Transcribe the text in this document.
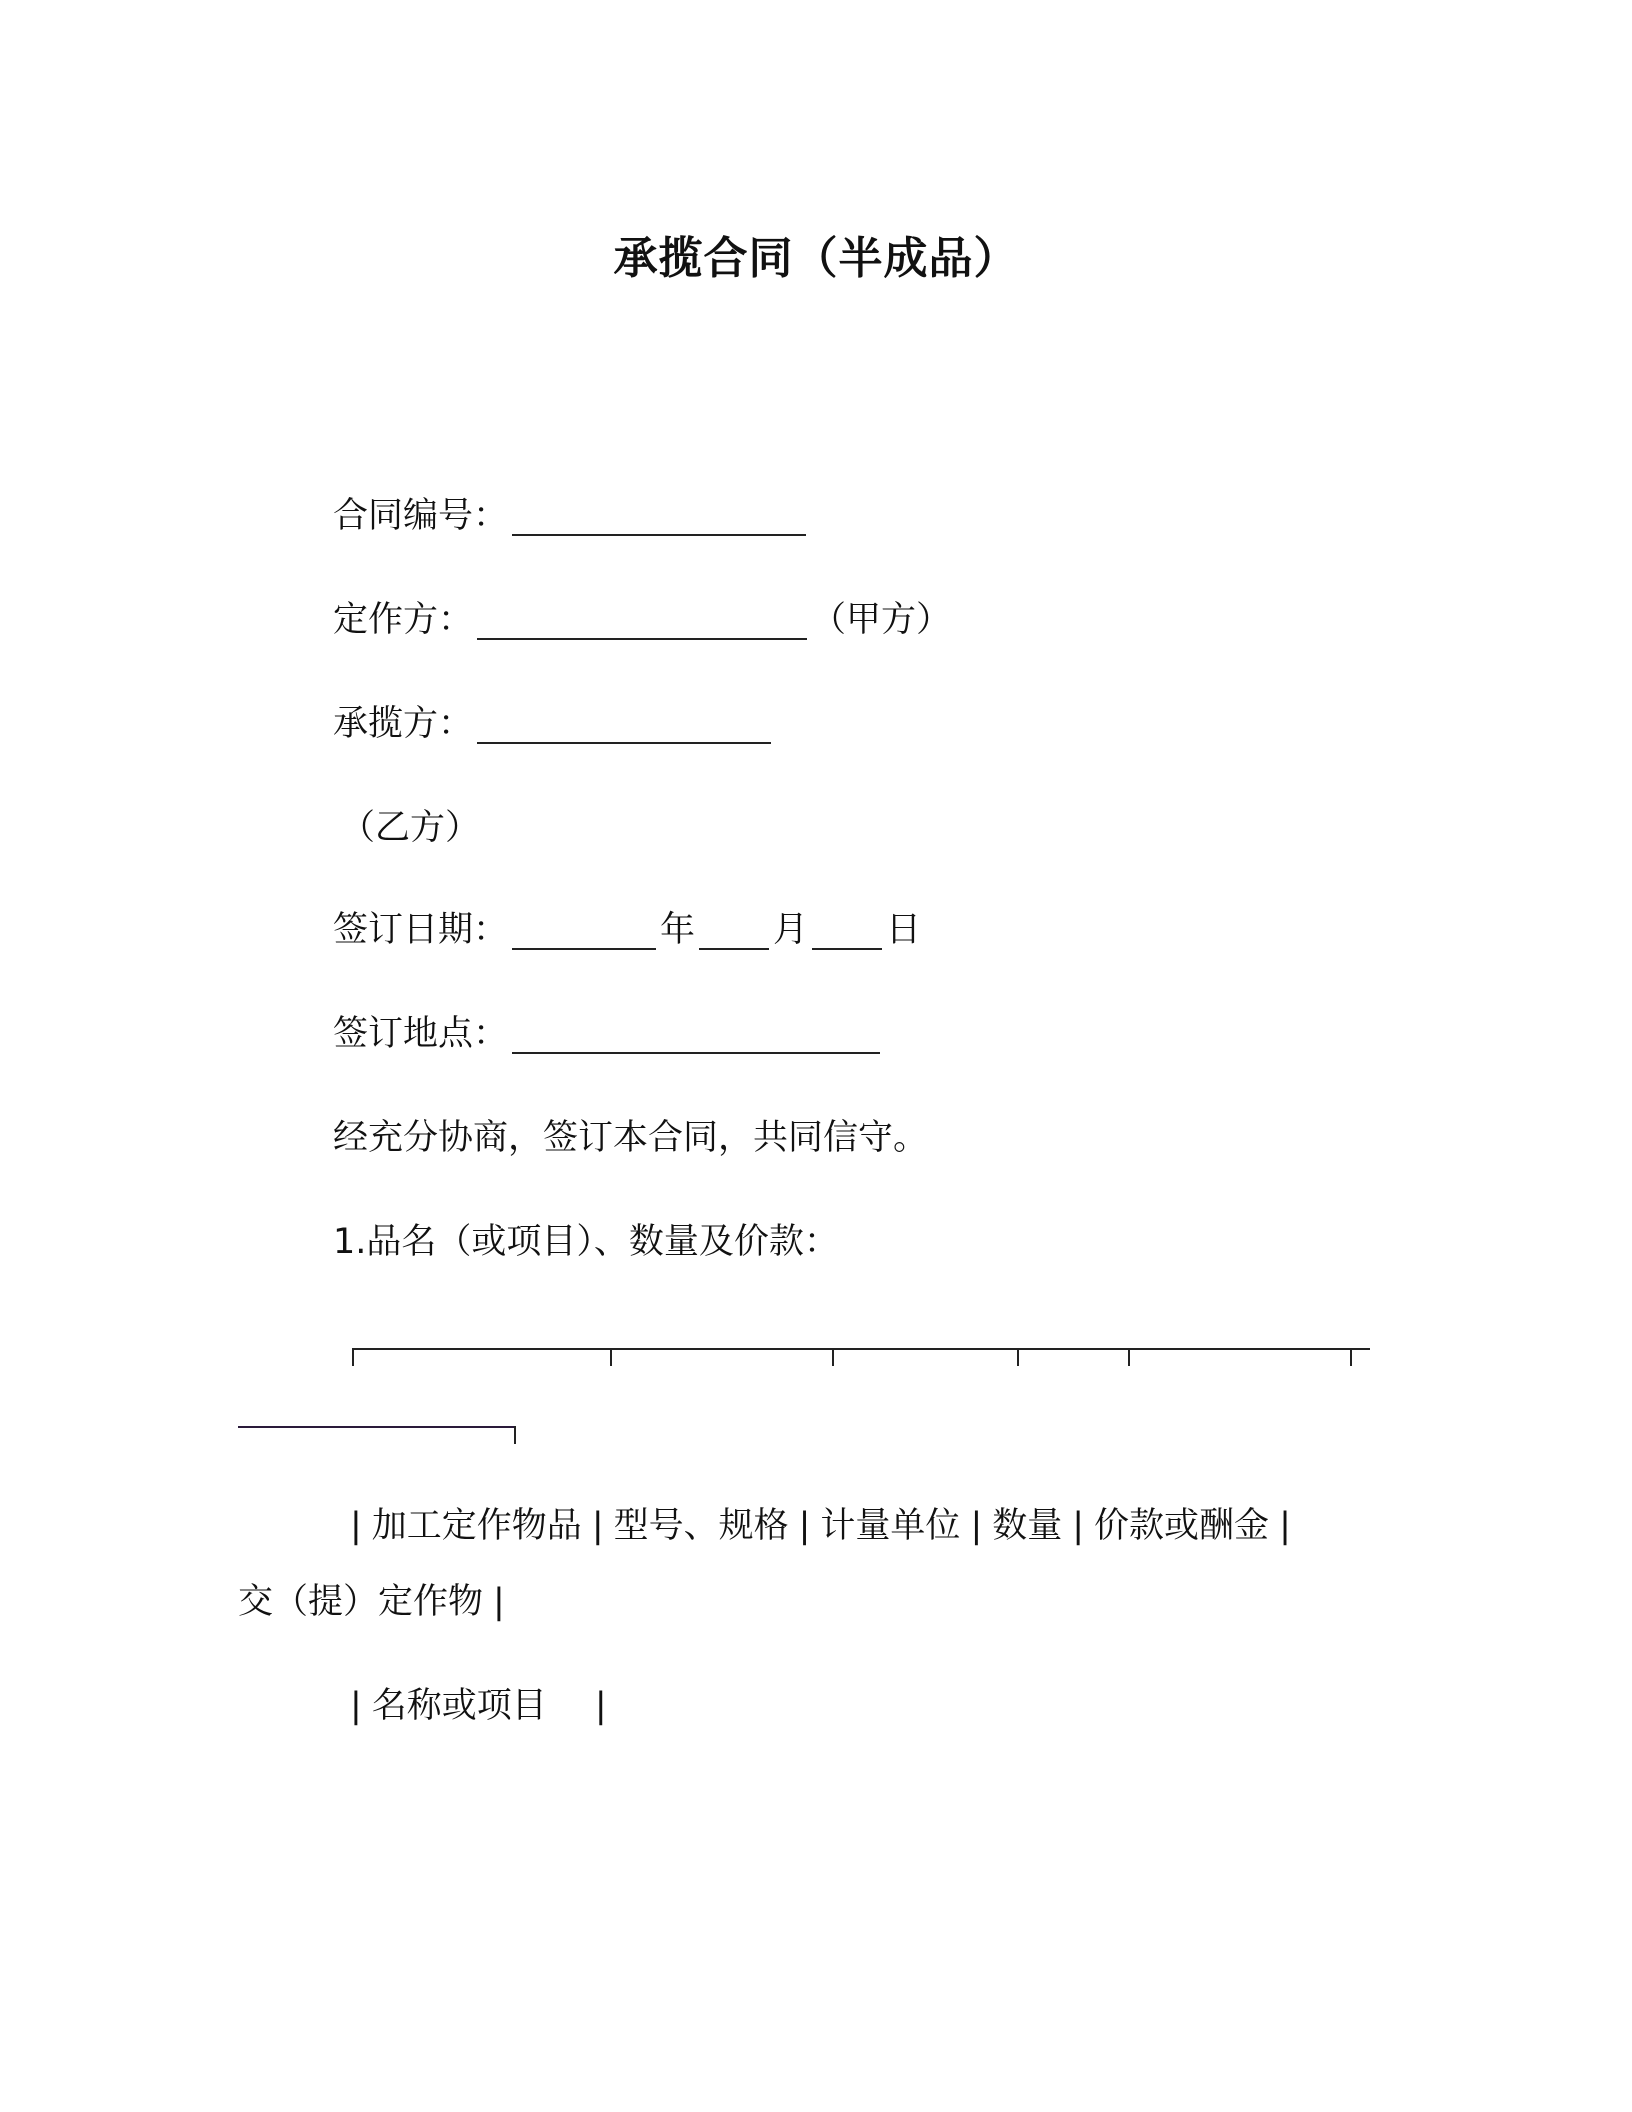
承揽合同（半成品）
合同编号：
定作方：	（甲方）
承揽方：
（乙方）
签订日期：	年 月 日
签订地点：
经充分协商，签订本合同，共同信守。
1.品名（或项目）、数量及价款：
| 加工定作物品 | 型号、规格 | 计量单位 | 数量 | 价款或酬金 |
交（提）定作物 |
| 名称或项目 |
